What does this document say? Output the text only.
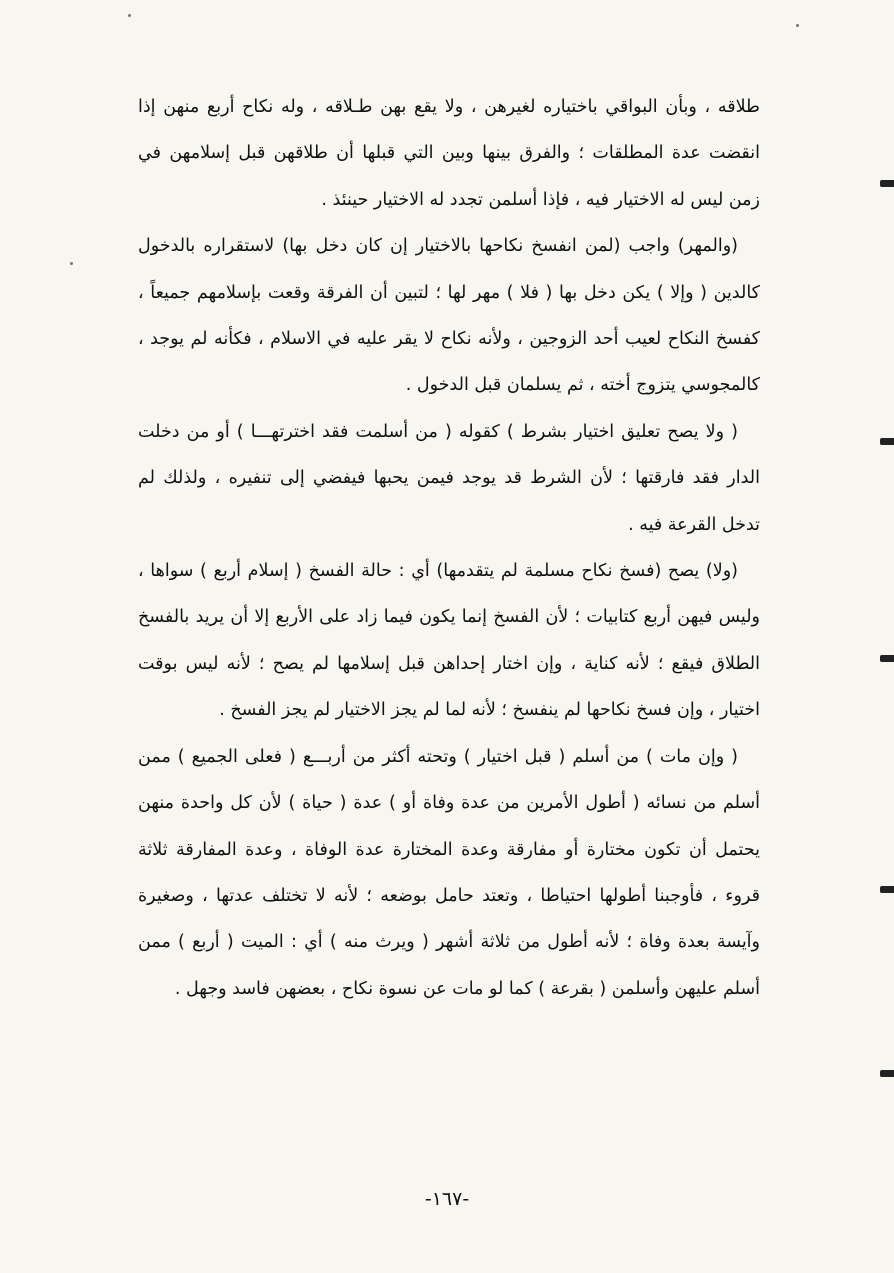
طلاقه ، وبأن البواقي باختياره لغيرهن ، ولا يقع بهن طـلاقه ، وله نكاح أربع منهن إذا انقضت عدة المطلقات ؛ والفرق بينها وبين التي قبلها أن طلاقهن قبل إسلامهن في زمن ليس له الاختيار فيه ، فإذا أسلمن تجدد له الاختيار حينئذ .

(والمهر) واجب (لمن انفسخ نكاحها بالاختيار إن كان دخل بها) لاستقراره بالدخول كالدين ( وإلا ) يكن دخل بها ( فلا ) مهر لها ؛ لتبين أن الفرقة وقعت بإسلامهم جميعاً ، كفسخ النكاح لعيب أحد الزوجين ، ولأنه نكاح لا يقر عليه في الاسلام ، فكأنه لم يوجد ، كالمجوسي يتزوج أخته ، ثم يسلمان قبل الدخول .

( ولا يصح تعليق اختيار بشرط ) كقوله ( من أسلمت فقد اخترتهـــا ) أو من دخلت الدار فقد فارقتها ؛ لأن الشرط قد يوجد فيمن يحبها فيفضي إلى تنفيره ، ولذلك لم تدخل القرعة فيه .

(ولا) يصح (فسخ نكاح مسلمة لم يتقدمها) أي : حالة الفسخ ( إسلام أربع ) سواها ، وليس فيهن أربع كتابيات ؛ لأن الفسخ إنما يكون فيما زاد على الأربع إلا أن يريد بالفسخ الطلاق فيقع ؛ لأنه كناية ، وإن اختار إحداهن قبل إسلامها لم يصح ؛ لأنه ليس بوقت اختيار ، وإن فسخ نكاحها لم ينفسخ ؛ لأنه لما لم يجز الاختيار لم يجز الفسخ .

( وإن مات ) من أسلم ( قبل اختيار ) وتحته أكثر من أربـــع ( فعلى الجميع ) ممن أسلم من نسائه ( أطول الأمرين من عدة وفاة أو ) عدة ( حياة ) لأن كل واحدة منهن يحتمل أن تكون مختارة أو مفارقة وعدة المختارة عدة الوفاة ، وعدة المفارقة ثلاثة قروء ، فأوجبنا أطولها احتياطا ، وتعتد حامل بوضعه ؛ لأنه لا تختلف عدتها ، وصغيرة وآيسة بعدة وفاة ؛ لأنه أطول من ثلاثة أشهر ( ويرث منه ) أي : الميت ( أربع ) ممن أسلم عليهن وأسلمن ( بقرعة ) كما لو مات عن نسوة نكاح ، بعضهن فاسد وجهل .

-١٦٧-
